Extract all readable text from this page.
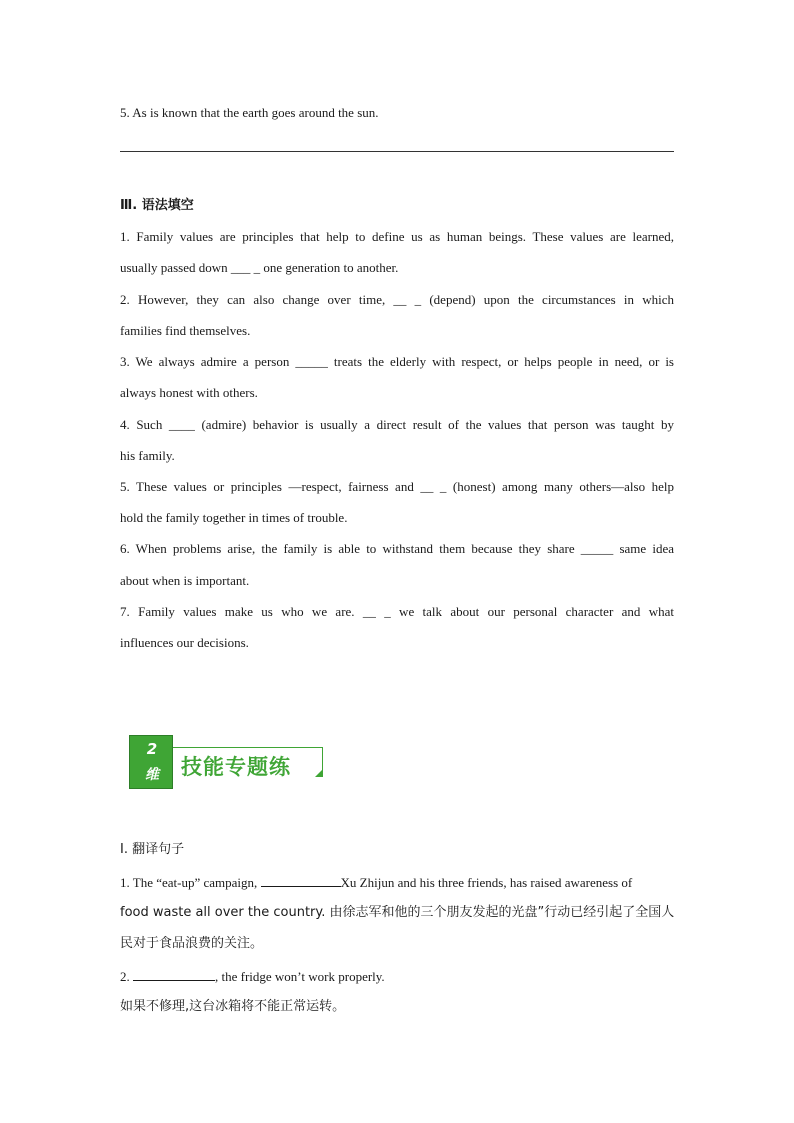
5. As is known that the earth goes around the sun.
Ⅲ. 语法填空
1. Family values are principles that help to define us as human beings. These values are learned,
usually passed down ___ _ one generation to another.
2. However, they can also change over time, __ _ (depend) upon the circumstances in which
families find themselves.
3. We always admire a person _____ treats the elderly with respect, or helps people in need, or is
always honest with others.
4. Such ____ (admire) behavior is usually a direct result of the values that person was taught by
his family.
5. These values or principles —respect, fairness and __ _ (honest) among many others—also help
hold the family together in times of trouble.
6. When problems arise, the family is able to withstand them because they share _____ same idea
about when is important.
7. Family values make us who we are. __ _ we talk about our personal character and what
influences our decisions.
2
维	技能专题练
I. 翻译句子
1. The “eat-up” campaign,	Xu Zhijun and his three friends, has raised awareness of
food waste all over the country. 由徐志军和他的三个朋友发起的光盘”行动已经引起了全国人
民对于食品浪费的关注。
2.	, the fridge won’t work properly.
如果不修理,这台冰箱将不能正常运转。
